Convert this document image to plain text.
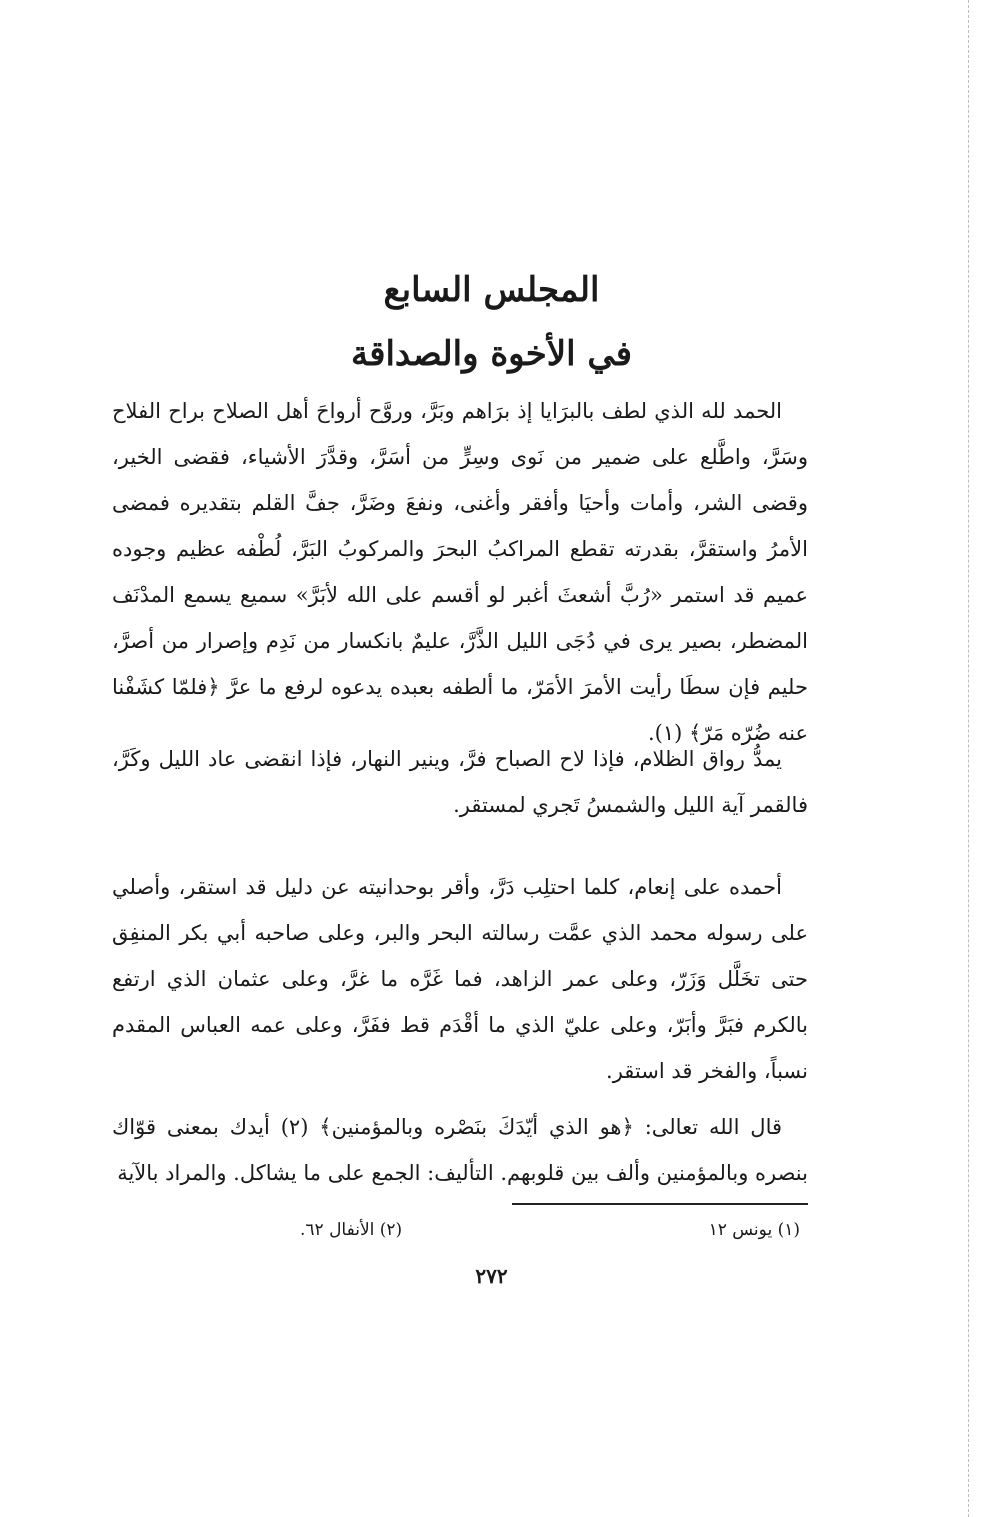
المجلس السابع
في الأخوة والصداقة

الحمد لله الذي لطف بالبرَايا إذ برَاهم وبَرَّ، وروَّح أرواحَ أهل الصلاح براح الفلاح وسَرَّ، واطَّلع على ضمير من نَوى وسِرٍّ من أسَرَّ، وقدَّرَ الأشياء، فقضى الخير، وقضى الشر، وأمات وأحيَا وأفقر وأغنى، ونفعَ وضَرَّ، جفَّ القلم بتقديره فمضى الأمرُ واستقرَّ، بقدرته تقطع المراكبُ البحرَ والمركوبُ البَرَّ، لُطْفه عظيم وجوده عميم قد استمر «رُبَّ أشعثَ أغبر لو أقسم على الله لأبَرَّ» سميع يسمع المدْنَف المضطر، بصير يرى في دُجَى الليل الذَّرَّ، عليمٌ بانكسار من نَدِم وإصرار من أصرَّ، حليم فإن سطَا رأيت الأمرَ الأمَرّ، ما ألطفه بعبده يدعوه لرفع ما عرَّ ﴿فلمّا كشَفْنا عنه ضُرّه مَرّ﴾ (١).

يمدُّ رواق الظلام، فإذا لاح الصباح فرَّ، وينير النهار، فإذا انقضى عاد الليل وكَرَّ، فالقمر آية الليل والشمسُ تَجري لمستقر.

أحمده على إنعام، كلما احتلِب دَرَّ، وأقر بوحدانيته عن دليل قد استقر، وأصلي على رسوله محمد الذي عمَّت رسالته البحر والبر، وعلى صاحبه أبي بكر المنفِق حتى تخَلَّل وَزَرّ، وعلى عمر الزاهد، فما غَرَّه ما غرَّ، وعلى عثمان الذي ارتفع بالكرم فبَرَّ وأبَرّ، وعلى عليّ الذي ما أقْدَم قط ففَرَّ، وعلى عمه العباس المقدم نسباً، والفخر قد استقر.

قال الله تعالى: ﴿هو الذي أيّدَكَ بنَصْره وبالمؤمنين﴾ (٢) أيدك بمعنى قوّاك بنصره وبالمؤمنين وألف بين قلوبهم. التأليف: الجمع على ما يشاكل. والمراد بالآية

(١) يونس ١٢
(٢) الأنفال ٦٢.
٢٧٢
